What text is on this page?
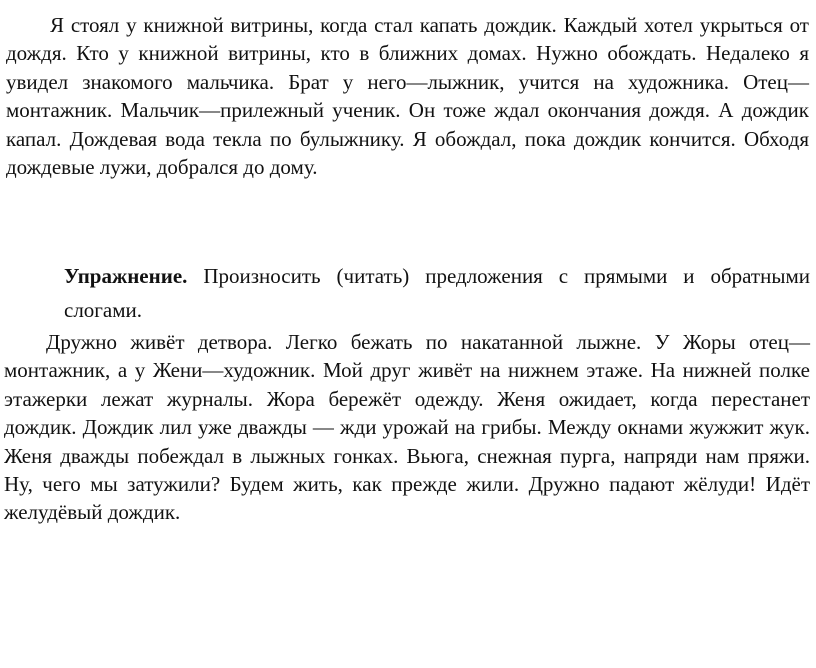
Я стоял у книжной витрины, когда стал капать дождик. Каждый хотел укрыться от дождя. Кто у книжной витрины, кто в ближних домах. Нужно обождать. Недалеко я увидел знакомого мальчика. Брат у него—лыжник, учится на художника. Отец—монтажник. Мальчик—прилежный ученик. Он тоже ждал окончания дождя. А дождик капал. Дождевая вода текла по булыжнику. Я обождал, пока дождик кончится. Обходя дождевые лужи, добрался до дому.

Упражнение. Произносить (читать) предложения с прямыми и обратными слогами.

Дружно живёт детвора. Легко бежать по накатанной лыжне. У Жоры отец—монтажник, а у Жени—художник. Мой друг живёт на нижнем этаже. На нижней полке этажерки лежат журналы. Жора бережёт одежду. Женя ожидает, когда перестанет дождик. Дождик лил уже дважды — жди урожай на грибы. Между окнами жужжит жук. Женя дважды побеждал в лыжных гонках. Вьюга, снежная пурга, напряди нам пряжи. Ну, чего мы затужили? Будем жить, как прежде жили. Дружно падают жёлуди! Идёт желудёвый дождик.
